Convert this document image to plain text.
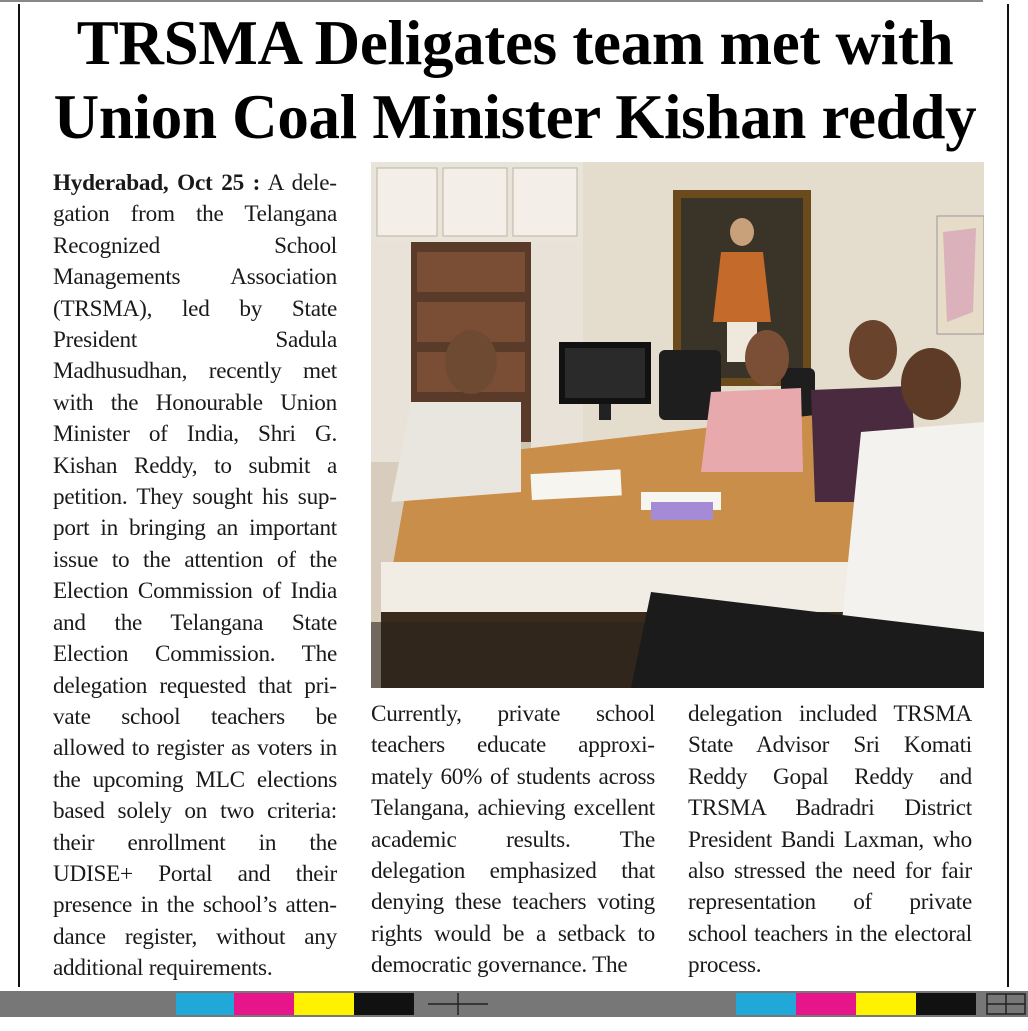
TRSMA Deligates team met with
Union Coal Minister Kishan reddy

Hyderabad, Oct 25 : A delegation from the Telangana Recognized School Managements Association (TRSMA), led by State President Sadula Madhusudhan, recently met with the Honourable Union Minister of India, Shri G. Kishan Reddy, to submit a petition. They sought his support in bringing an important issue to the attention of the Election Commission of India and the Telangana State Election Commission. The delegation requested that private school teachers be allowed to register as voters in the upcoming MLC elections based solely on two criteria: their enrollment in the UDISE+ Portal and their presence in the school’s attendance register, without any additional requirements.

Currently, private school teachers educate approximately 60% of students across Telangana, achieving excellent academic results. The delegation emphasized that denying these teachers voting rights would be a setback to democratic governance. The

delegation included TRSMA State Advisor Sri Komati Reddy Gopal Reddy and TRSMA Badradri District President Bandi Laxman, who also stressed the need for fair representation of private school teachers in the electoral process.
